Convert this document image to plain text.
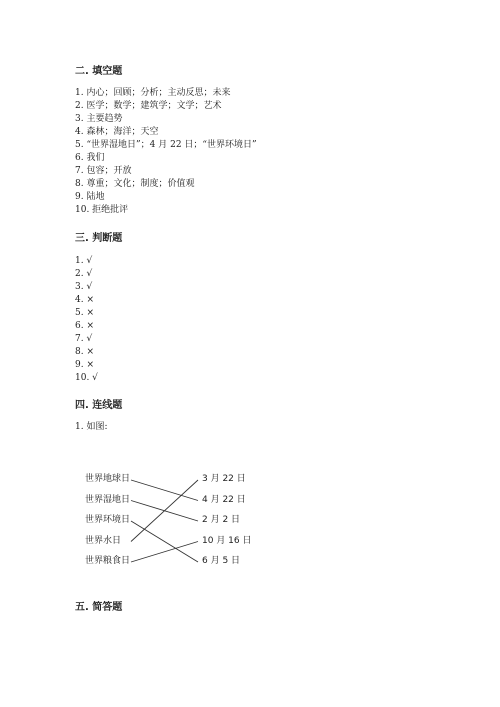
二. 填空题
1. 内心；回顾；分析；主动反思；未来
2. 医学；数学；建筑学；文学；艺术
3. 主要趋势
4. 森林；海洋；天空
5. “世界湿地日”；4 月 22 日；“世界环境日”
6. 我们
7. 包容；开放
8. 尊重；文化；制度；价值观
9. 陆地
10. 拒绝批评
三. 判断题
1. √
2. √
3. √
4. ×
5. ×
6. ×
7. √
8. ×
9. ×
10. √
四. 连线题
1. 如图:
世界地球日
世界湿地日
世界环境日
世界水日
世界粮食日
3 月 22 日
4 月 22 日
2 月 2 日
10 月 16 日
6 月 5 日
五. 简答题
